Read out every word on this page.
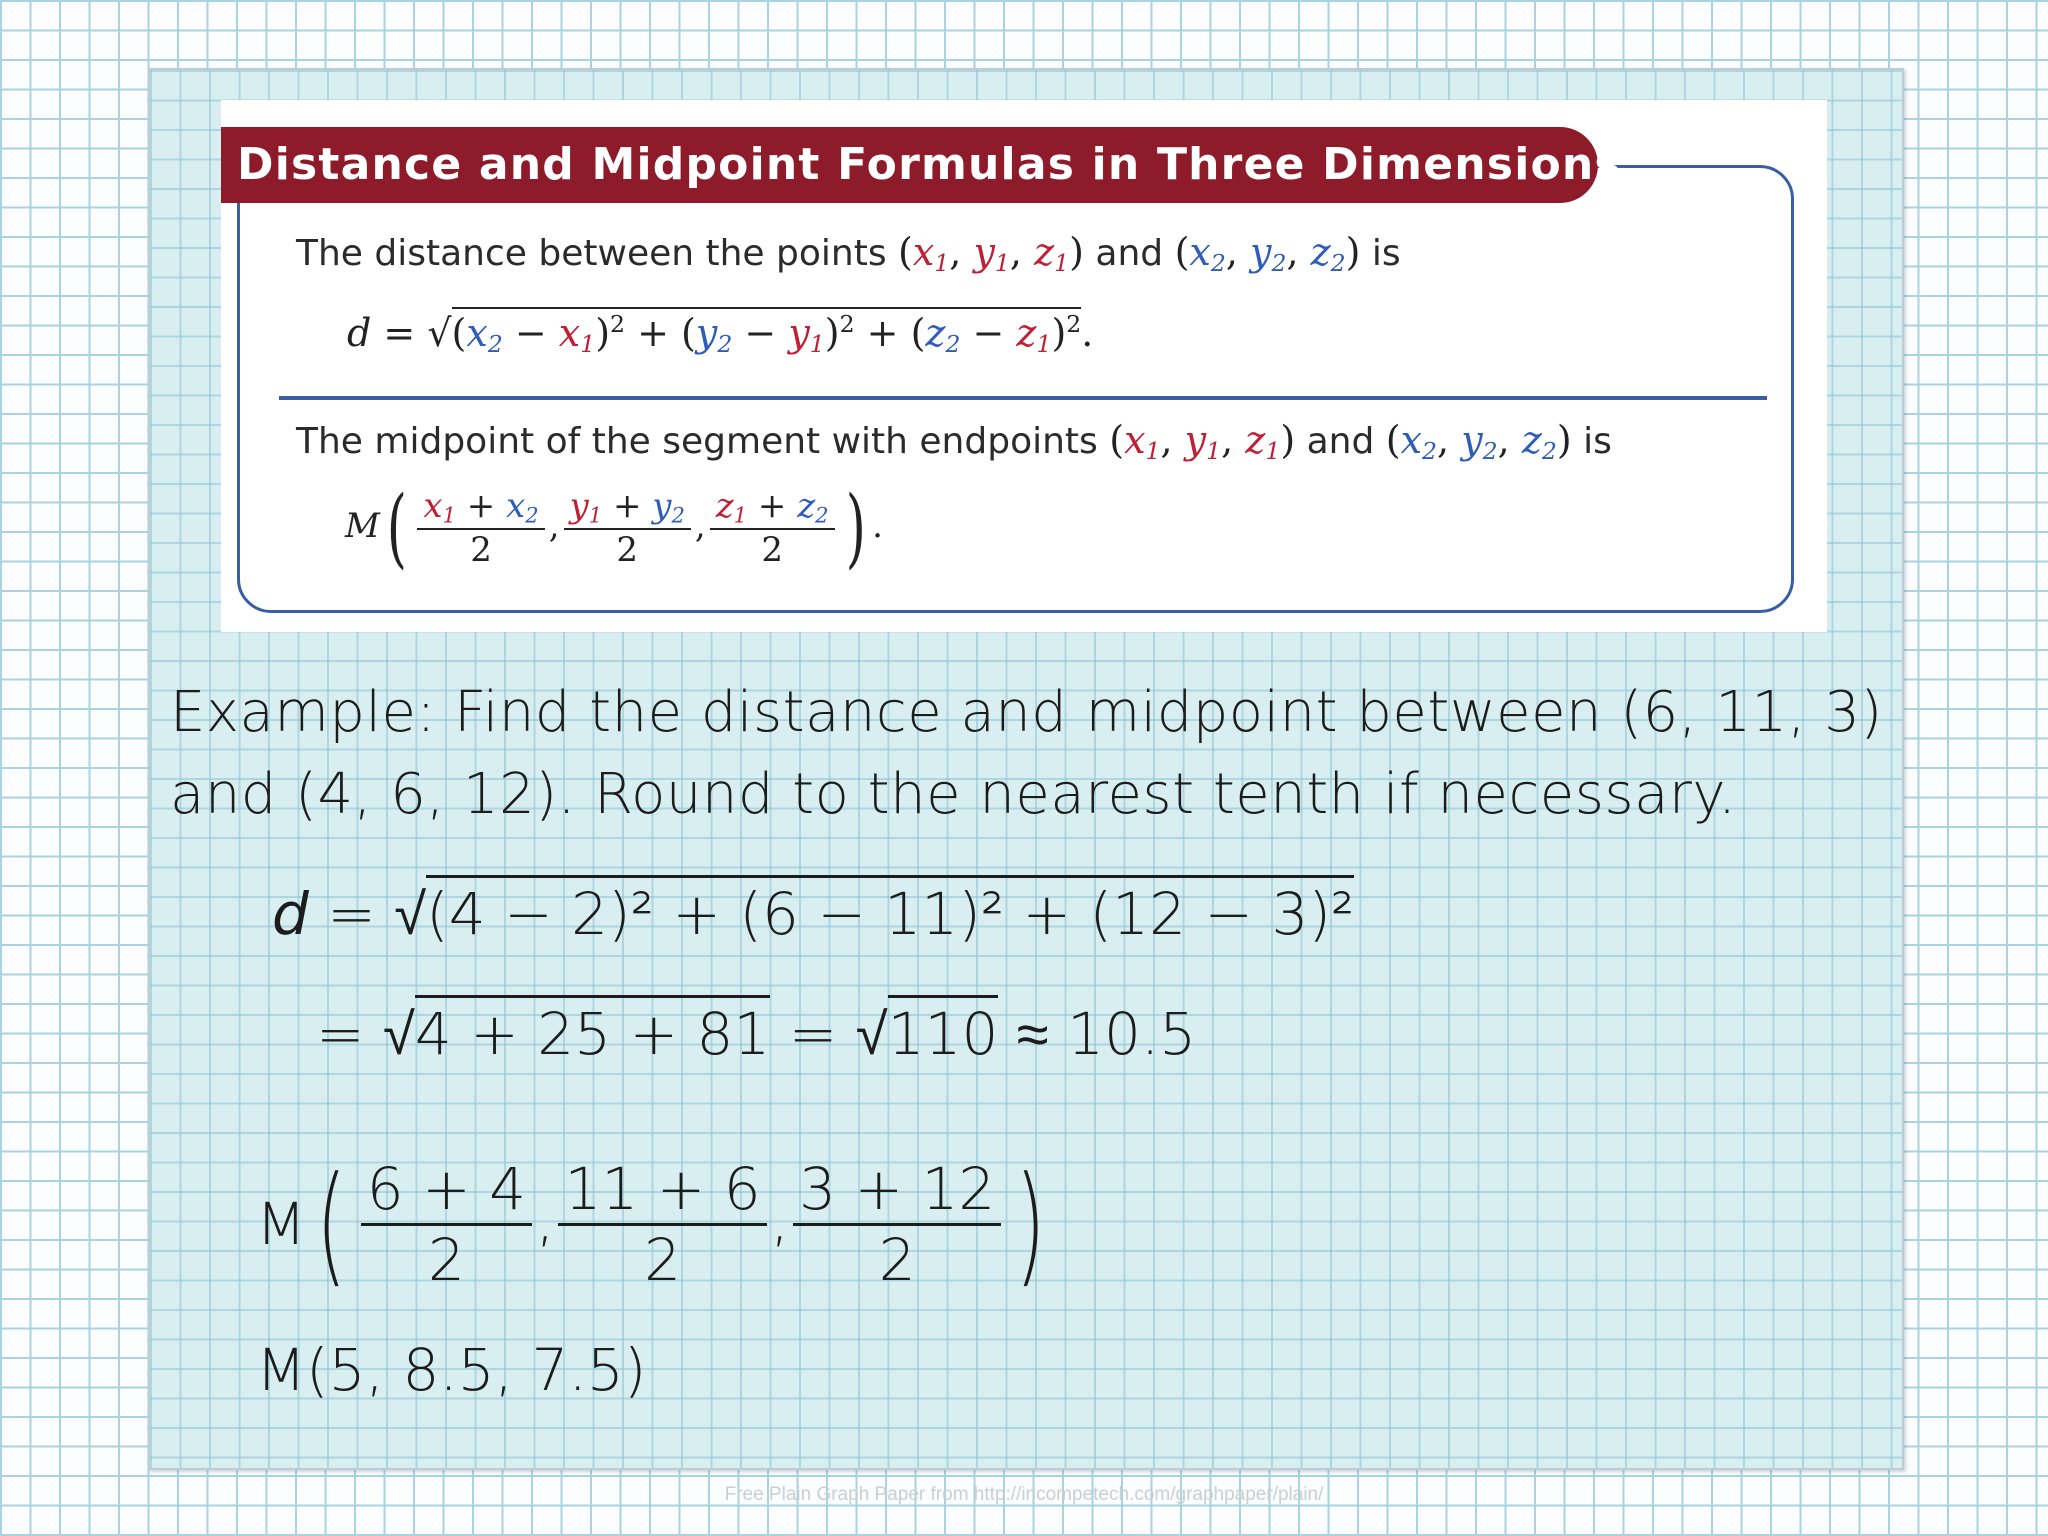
Distance and Midpoint Formulas in Three Dimensions
The distance between the points ($x_1$, $y_1$, $z_1$) and ($x_2$, $y_2$, $z_2$) is
$d = √(x_2 - x_1)^2 + (y_2 - y_1)^2 + (z_2 - z_1)^2$.
The midpoint of the segment with endpoints ($x_1$, $y_1$, $z_1$) and ($x_2$, $y_2$, $z_2$) is
$M( \frac{x_1 + x_2}{2}$ , $\frac{y_1 + y_2}{2}$ , $\frac{z_1 + z_2}{2}$ ) .
Example: Find the distance and midpoint between (6, 11, 3)
and (4, 6, 12). Round to the nearest tenth if necessary.
d = √(4 − 2)² + (6 − 11)² + (12 − 3)²
= √4 + 25 + 81 = √110 ≈ 10.5
$M( \frac{6 + 4}{2}$ , $\frac{11 + 6}{2}$ , $\frac{3 + 12}{2}$ )
M(5, 8.5, 7.5)
Free Plain Graph Paper from http://incompetech.com/graphpaper/plain/
